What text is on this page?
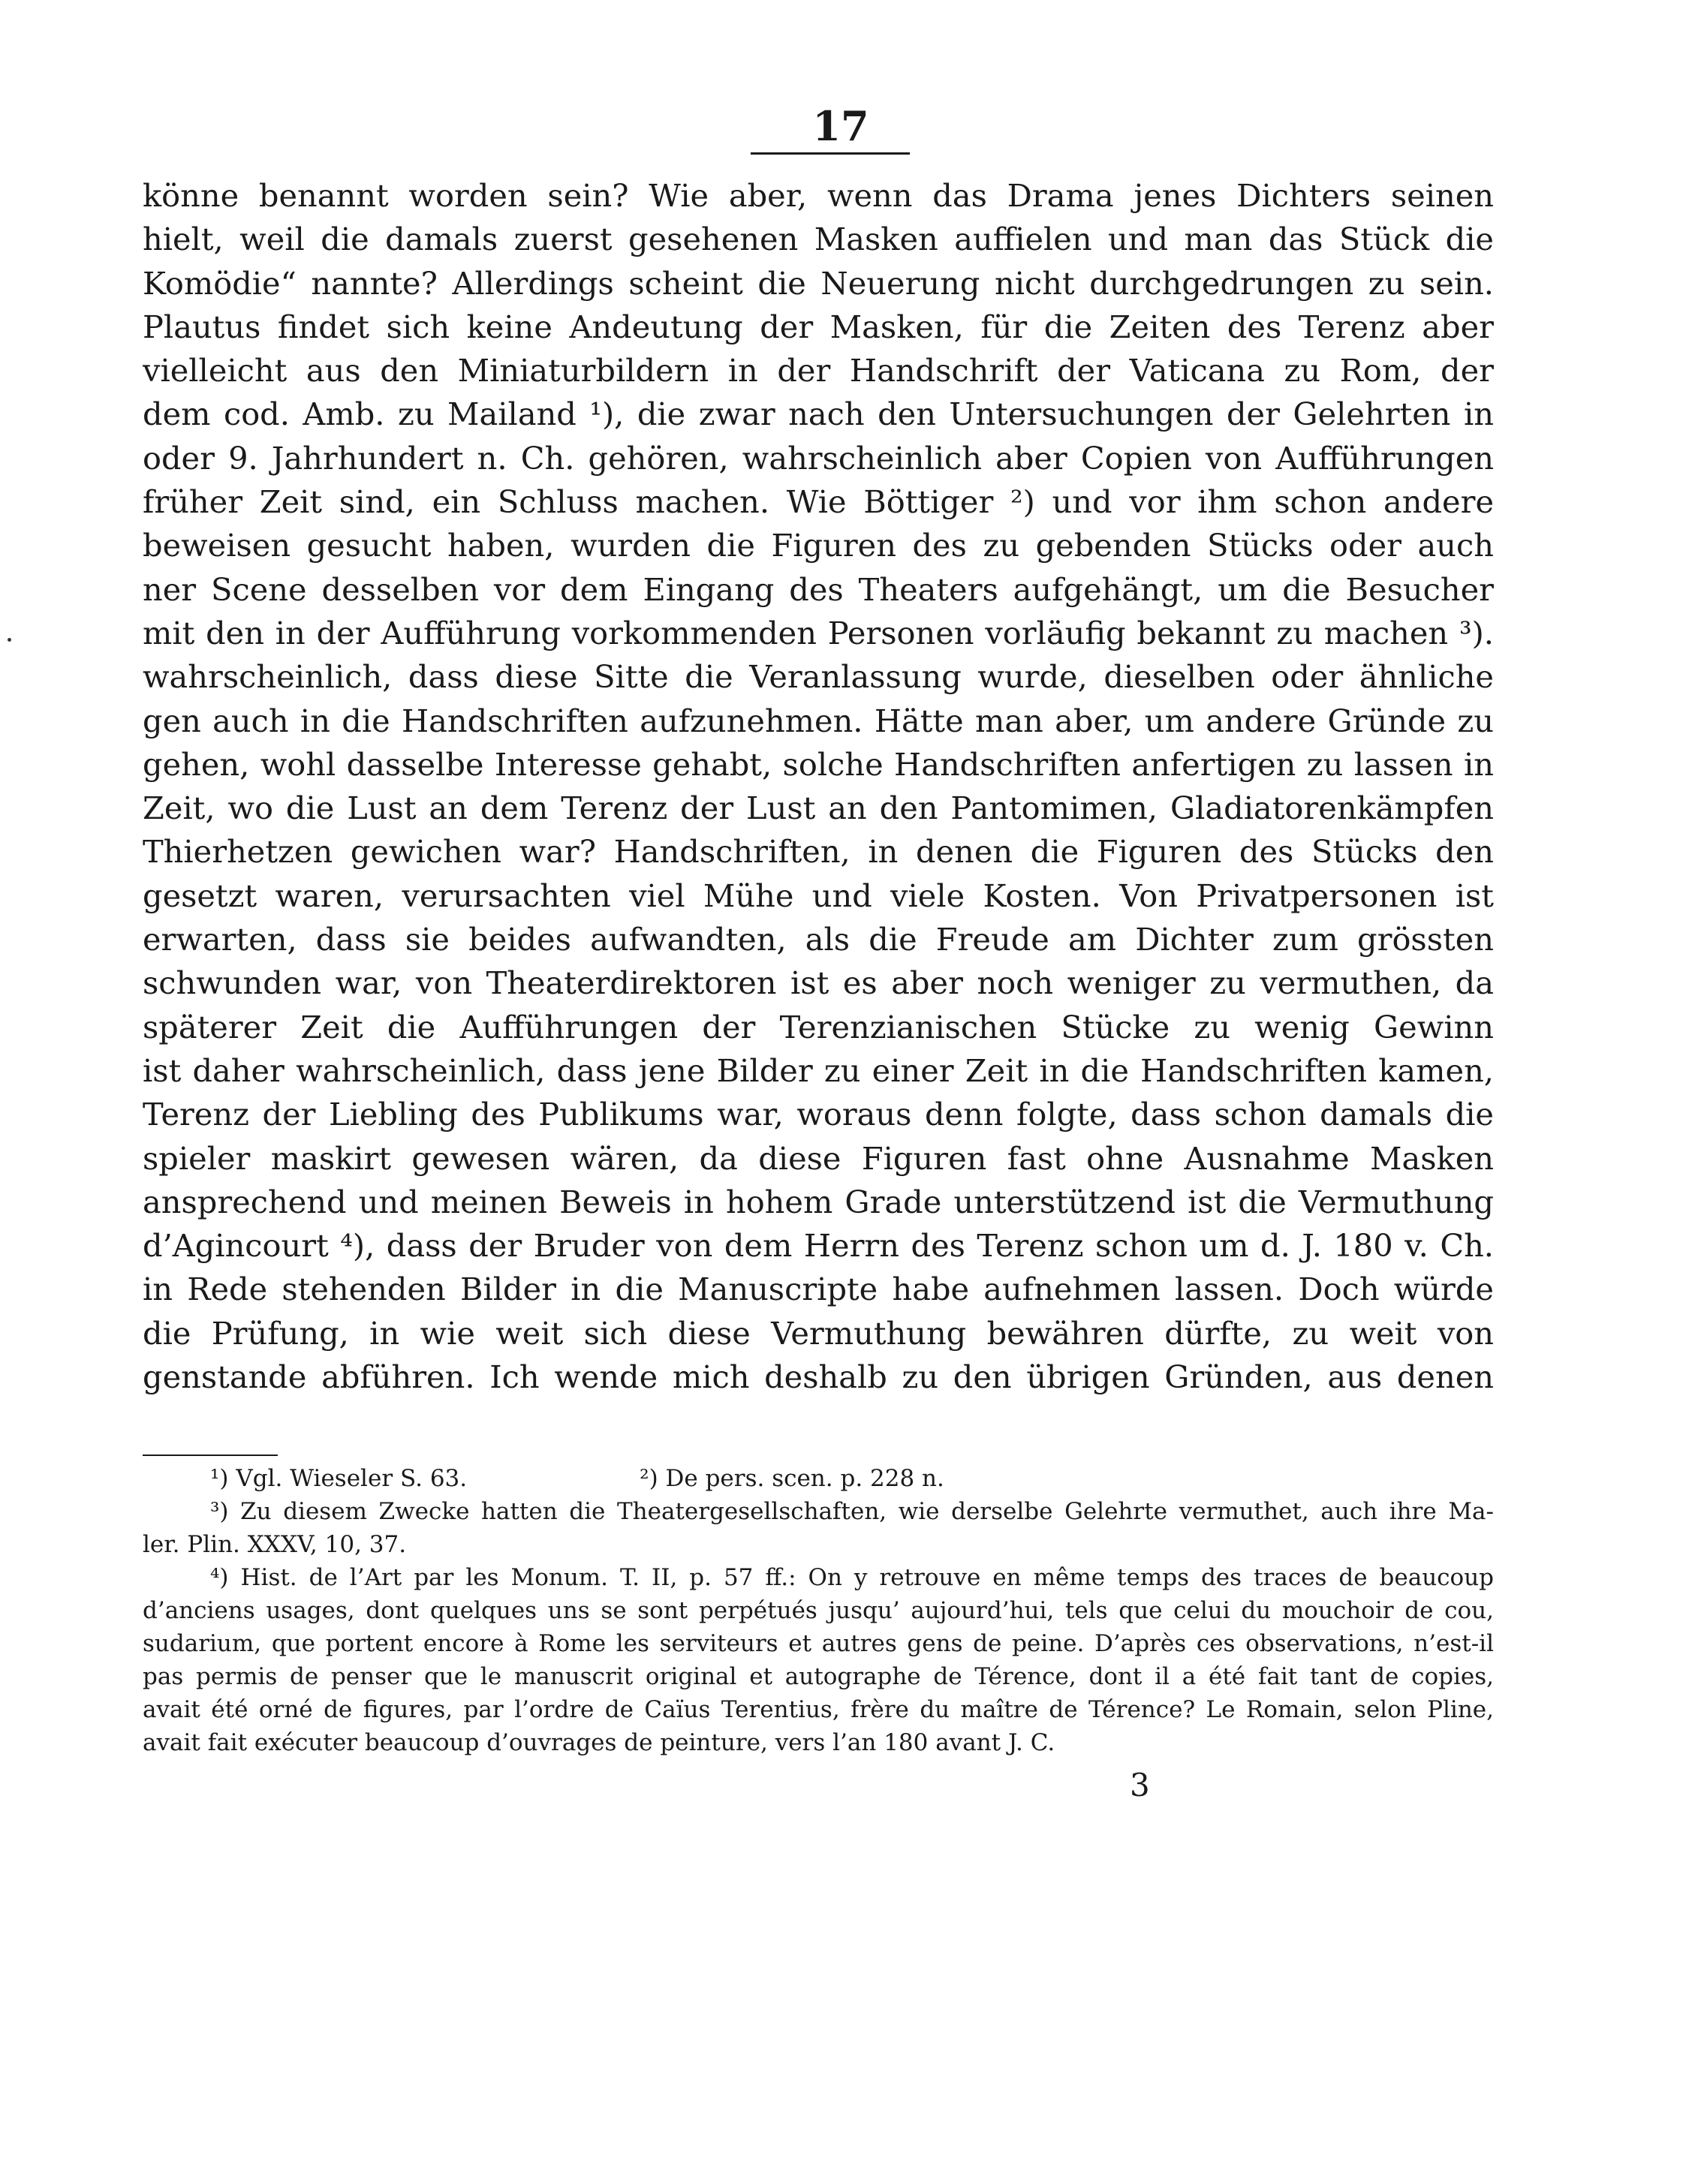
17
könne benannt worden sein? Wie aber, wenn das Drama jenes Dichters seinen
hielt, weil die damals zuerst gesehenen Masken auffielen und man das Stück die
Komödie“ nannte? Allerdings scheint die Neuerung nicht durchgedrungen zu sein.
Plautus findet sich keine Andeutung der Masken, für die Zeiten des Terenz aber
vielleicht aus den Miniaturbildern in der Handschrift der Vaticana zu Rom, der
dem cod. Amb. zu Mailand ¹), die zwar nach den Untersuchungen der Gelehrten in
oder 9. Jahrhundert n. Ch. gehören, wahrscheinlich aber Copien von Aufführungen
früher Zeit sind, ein Schluss machen. Wie Böttiger ²) und vor ihm schon andere
beweisen gesucht haben, wurden die Figuren des zu gebenden Stücks oder auch
ner Scene desselben vor dem Eingang des Theaters aufgehängt, um die Besucher
mit den in der Aufführung vorkommenden Personen vorläufig bekannt zu machen ³).
wahrscheinlich, dass diese Sitte die Veranlassung wurde, dieselben oder ähnliche
gen auch in die Handschriften aufzunehmen. Hätte man aber, um andere Gründe zu
gehen, wohl dasselbe Interesse gehabt, solche Handschriften anfertigen zu lassen in
Zeit, wo die Lust an dem Terenz der Lust an den Pantomimen, Gladiatorenkämpfen
Thierhetzen gewichen war? Handschriften, in denen die Figuren des Stücks den
gesetzt waren, verursachten viel Mühe und viele Kosten. Von Privatpersonen ist
erwarten, dass sie beides aufwandten, als die Freude am Dichter zum grössten
schwunden war, von Theaterdirektoren ist es aber noch weniger zu vermuthen, da
späterer Zeit die Aufführungen der Terenzianischen Stücke zu wenig Gewinn
ist daher wahrscheinlich, dass jene Bilder zu einer Zeit in die Handschriften kamen,
Terenz der Liebling des Publikums war, woraus denn folgte, dass schon damals die
spieler maskirt gewesen wären, da diese Figuren fast ohne Ausnahme Masken
ansprechend und meinen Beweis in hohem Grade unterstützend ist die Vermuthung
d’Agincourt ⁴), dass der Bruder von dem Herrn des Terenz schon um d. J. 180 v. Ch.
in Rede stehenden Bilder in die Manuscripte habe aufnehmen lassen. Doch würde
die Prüfung, in wie weit sich diese Vermuthung bewähren dürfte, zu weit von
genstande abführen. Ich wende mich deshalb zu den übrigen Gründen, aus denen
¹) Vgl. Wieseler S. 63.	²) De pers. scen. p. 228 n.
³) Zu diesem Zwecke hatten die Theatergesellschaften, wie derselbe Gelehrte vermuthet, auch ihre Ma-
ler. Plin. XXXV, 10, 37.
⁴) Hist. de l’Art par les Monum. T. II, p. 57 ff.: On y retrouve en même temps des traces de beaucoup
d’anciens usages, dont quelques uns se sont perpétués jusqu’ aujourd’hui, tels que celui du mouchoir de cou,
sudarium, que portent encore à Rome les serviteurs et autres gens de peine. D’après ces observations, n’est-il
pas permis de penser que le manuscrit original et autographe de Térence, dont il a été fait tant de copies,
avait été orné de figures, par l’ordre de Caïus Terentius, frère du maître de Térence? Le Romain, selon Pline,
avait fait exécuter beaucoup d’ouvrages de peinture, vers l’an 180 avant J. C.
3
